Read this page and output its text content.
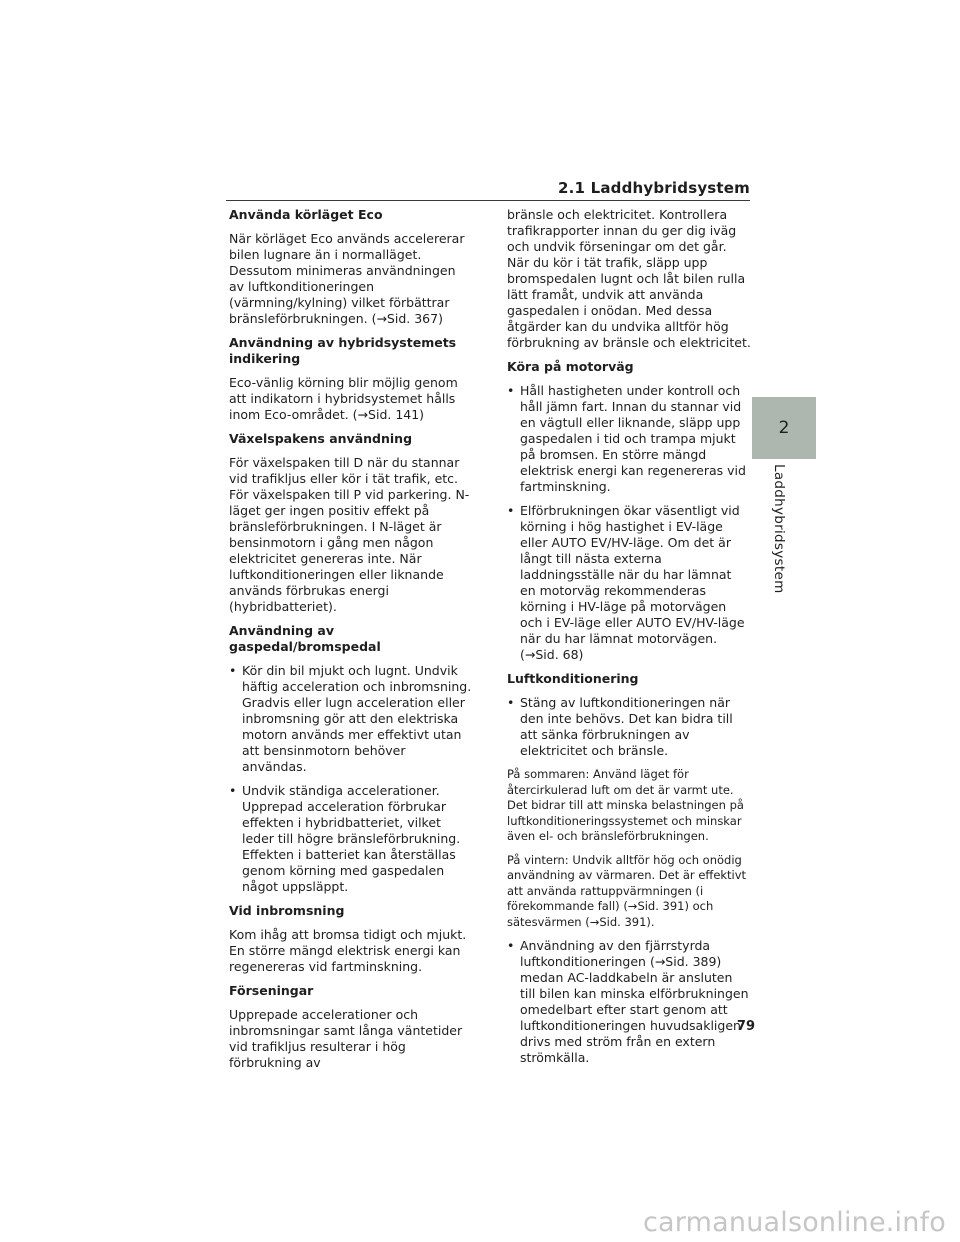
2.1 Laddhybridsystem
2
Laddhybridsystem
Använda körläget Eco

När körläget Eco används accelererar bilen lugnare än i normalläget. Dessutom minimeras användningen av luftkonditioneringen (värmning/kylning) vilket förbättrar bränsleförbrukningen. (→Sid. 367)

Användning av hybridsystemets indikering

Eco-vänlig körning blir möjlig genom att indikatorn i hybridsystemet hålls inom Eco-området. (→Sid. 141)

Växelspakens användning

För växelspaken till D när du stannar vid trafikljus eller kör i tät trafik, etc. För växelspaken till P vid parkering. N-läget ger ingen positiv effekt på bränsleförbrukningen. I N-läget är bensinmotorn i gång men någon elektricitet genereras inte. När luftkonditioneringen eller liknande används förbrukas energi (hybridbatteriet).

Användning av gaspedal/bromspedal
• Kör din bil mjukt och lugnt. Undvik häftig acceleration och inbromsning. Gradvis eller lugn acceleration eller inbromsning gör att den elektriska motorn används mer effektivt utan att bensinmotorn behöver användas.
• Undvik ständiga accelerationer. Upprepad acceleration förbrukar effekten i hybridbatteriet, vilket leder till högre bränsleförbrukning. Effekten i batteriet kan återställas genom körning med gaspedalen något uppsläppt.
Vid inbromsning

Kom ihåg att bromsa tidigt och mjukt. En större mängd elektrisk energi kan regenereras vid fartminskning.

Förseningar

Upprepade accelerationer och inbromsningar samt långa väntetider vid trafikljus resulterar i hög förbrukning av

bränsle och elektricitet. Kontrollera trafikrapporter innan du ger dig iväg och undvik förseningar om det går. När du kör i tät trafik, släpp upp bromspedalen lugnt och låt bilen rulla lätt framåt, undvik att använda gaspedalen i onödan. Med dessa åtgärder kan du undvika alltför hög förbrukning av bränsle och elektricitet.

Köra på motorväg
• Håll hastigheten under kontroll och håll jämn fart. Innan du stannar vid en vägtull eller liknande, släpp upp gaspedalen i tid och trampa mjukt på bromsen. En större mängd elektrisk energi kan regenereras vid fartminskning.
• Elförbrukningen ökar väsentligt vid körning i hög hastighet i EV-läge eller AUTO EV/HV-läge. Om det är långt till nästa externa laddningsställe när du har lämnat en motorväg rekommenderas körning i HV-läge på motorvägen och i EV-läge eller AUTO EV/HV-läge när du har lämnat motorvägen. (→Sid. 68)
Luftkonditionering
• Stäng av luftkonditioneringen när den inte behövs. Det kan bidra till att sänka förbrukningen av elektricitet och bränsle.

På sommaren: Använd läget för återcirkulerad luft om det är varmt ute. Det bidrar till att minska belastningen på luftkonditioneringssystemet och minskar även el- och bränsleförbrukningen.

På vintern: Undvik alltför hög och onödig användning av värmaren. Det är effektivt att använda rattuppvärmningen (i förekommande fall) (→Sid. 391) och sätesvärmen (→Sid. 391).

• Användning av den fjärrstyrda luftkonditioneringen (→Sid. 389) medan AC-laddkabeln är ansluten till bilen kan minska elförbrukningen omedelbart efter start genom att luftkonditioneringen huvudsakligen drivs med ström från en extern strömkälla.
79
carmanualsonline.info
